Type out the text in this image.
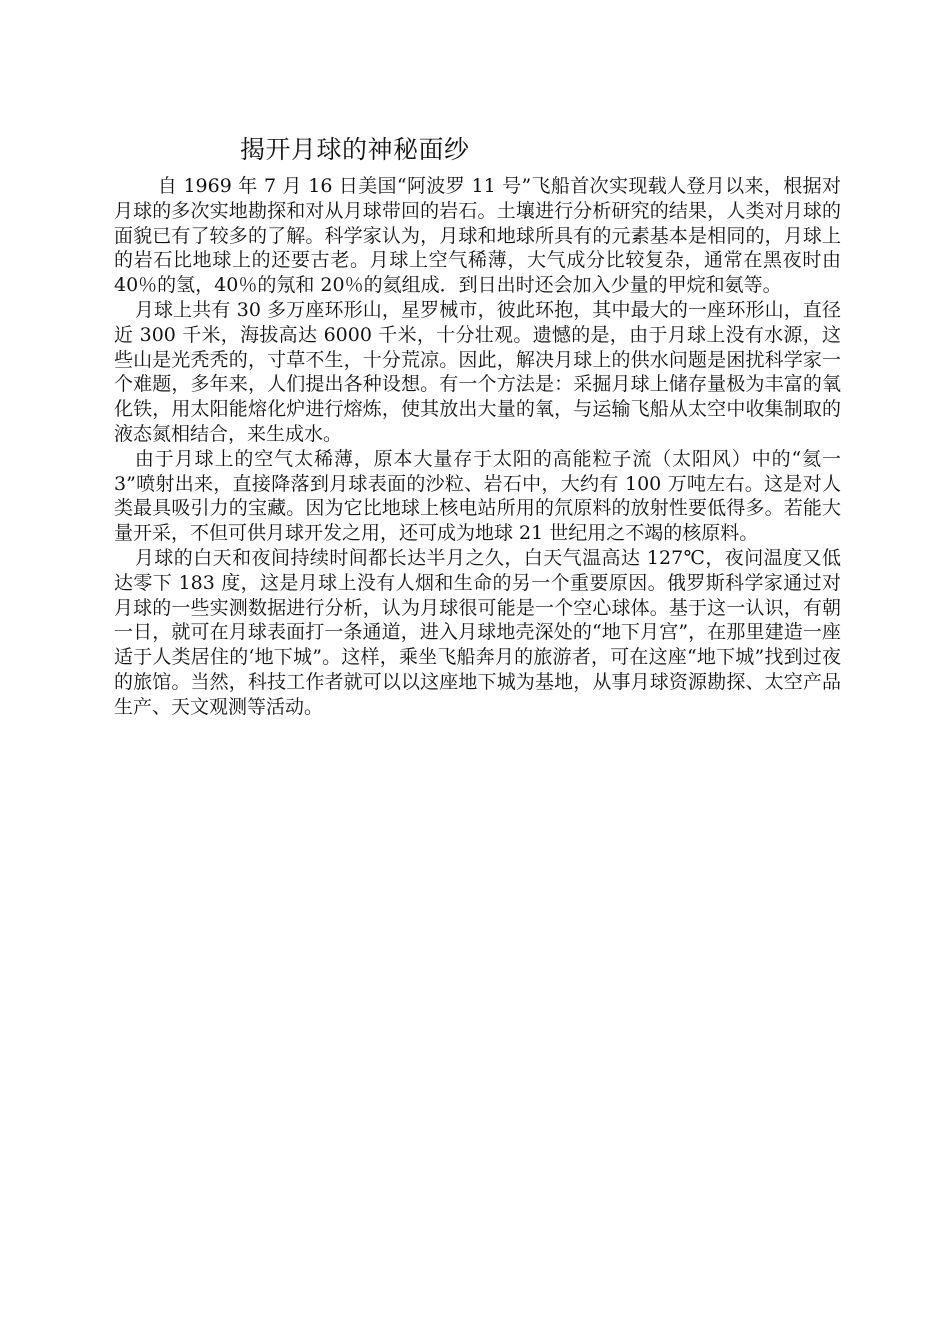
揭开月球的神秘面纱

自 1969 年 7 月 16 日美国“阿波罗 11 号”飞船首次实现载人登月以来，根据对月球的多次实地勘探和对从月球带回的岩石。土壤进行分析研究的结果，人类对月球的面貌已有了较多的了解。科学家认为，月球和地球所具有的元素基本是相同的，月球上的岩石比地球上的还要古老。月球上空气稀薄，大气成分比较复杂，通常在黑夜时由 40％的氢，40％的氖和 20％的氦组成．到日出时还会加入少量的甲烷和氨等。

月球上共有 30 多万座环形山，星罗械市，彼此环抱，其中最大的一座环形山，直径近 300 千米，海拔高达 6000 千米，十分壮观。遗憾的是，由于月球上没有水源，这些山是光秃秃的，寸草不生，十分荒凉。因此，解决月球上的供水问题是困扰科学家一个难题，多年来，人们提出各种设想。有一个方法是：采掘月球上储存量极为丰富的氧化铁，用太阳能熔化炉进行熔炼，使其放出大量的氧，与运输飞船从太空中收集制取的液态氮相结合，来生成水。

由于月球上的空气太稀薄，原本大量存于太阳的高能粒子流（太阳风）中的“氦一 3”喷射出来，直接降落到月球表面的沙粒、岩石中，大约有 100 万吨左右。这是对人类最具吸引力的宝藏。因为它比地球上核电站所用的氘原料的放射性要低得多。若能大量开采，不但可供月球开发之用，还可成为地球 21 世纪用之不竭的核原料。

月球的白天和夜间持续时间都长达半月之久，白天气温高达 127℃，夜问温度又低达零下 183 度，这是月球上没有人烟和生命的另一个重要原因。俄罗斯科学家通过对月球的一些实测数据进行分析，认为月球很可能是一个空心球体。基于这一认识，有朝一日，就可在月球表面打一条通道，进入月球地壳深处的“地下月宫”，在那里建造一座适于人类居住的‘地下城”。这样，乘坐飞船奔月的旅游者，可在这座“地下城”找到过夜的旅馆。当然，科技工作者就可以以这座地下城为基地，从事月球资源勘探、太空产品生产、天文观测等活动。
